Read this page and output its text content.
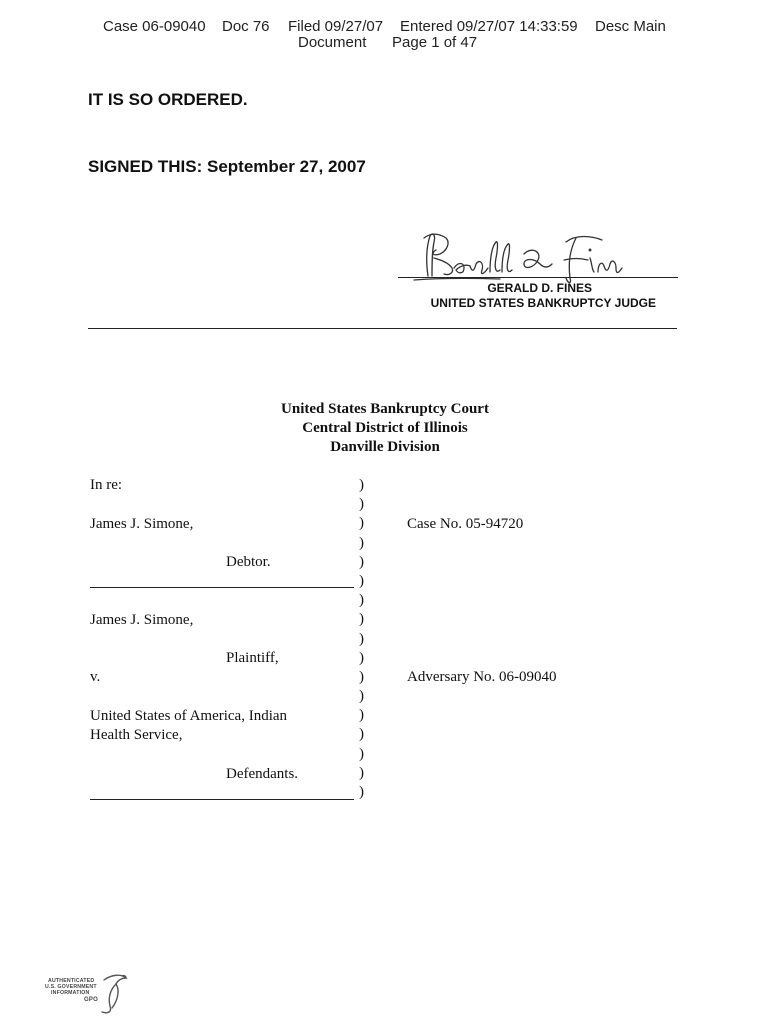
Case 06-09040 Doc 76 Filed 09/27/07 Entered 09/27/07 14:33:59 Desc Main
Document Page 1 of 47
IT IS SO ORDERED.
SIGNED THIS: September 27, 2007
GERALD D. FINES
UNITED STATES BANKRUPTCY JUDGE
United States Bankruptcy Court
Central District of Illinois
Danville Division
In re:
James J. Simone,
Debtor.
James J. Simone,
Plaintiff,
v.
United States of America, Indian
Health Service,
Defendants.
)
)
)
)
)
)
)
)
)
)
)
)
)
)
)
)
)
Case No. 05-94720
Adversary No. 06-09040
AUTHENTICATED
U.S. GOVERNMENT
INFORMATION
GPO
